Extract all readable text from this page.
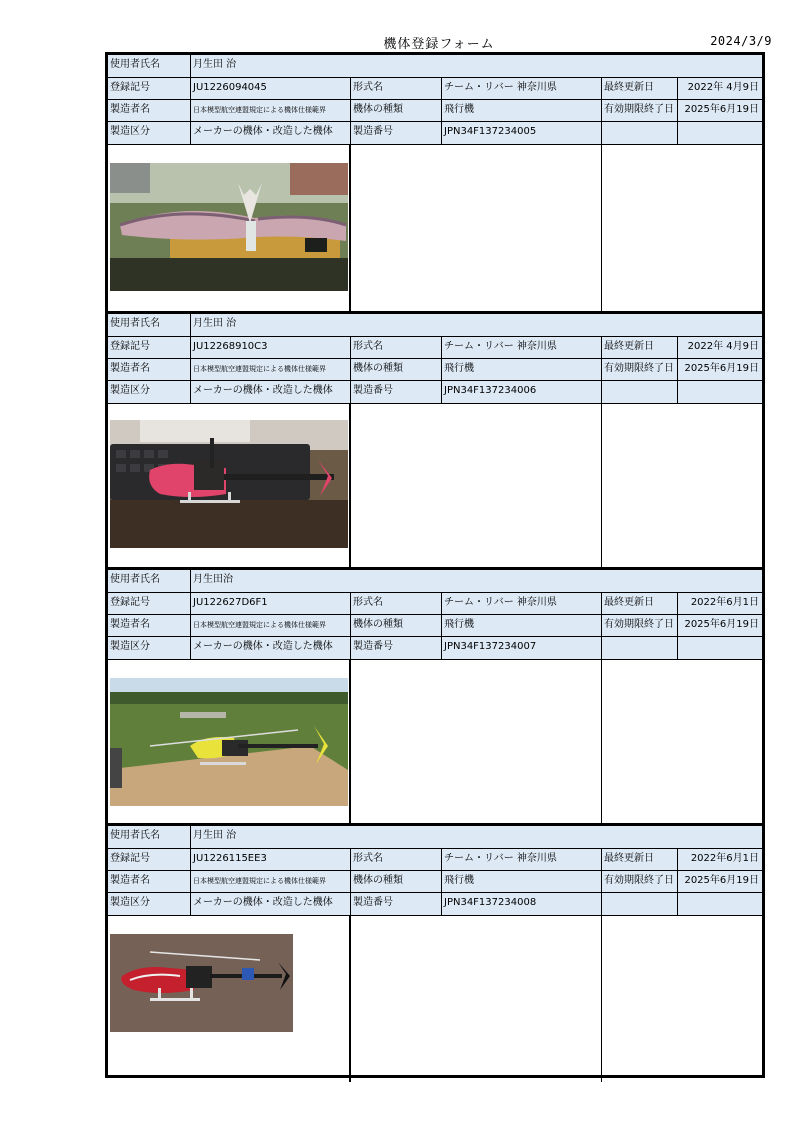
機体登録フォーム	2024/3/9
使用者氏名	月生田 治
登録記号	JU1226094045	形式名	チーム・リバー 神奈川県	最終更新日	2022年 4月9日
製造者名	日本模型航空連盟規定による機体仕様範界	機体の種類	飛行機	有効期限終了日	2025年6月19日
製造区分	メーカーの機体・改造した機体	製造番号	JPN34F137234005
使用者氏名	月生田 治
登録記号	JU12268910C3	形式名	チーム・リバー 神奈川県	最終更新日	2022年 4月9日
製造者名	日本模型航空連盟規定による機体仕様範界	機体の種類	飛行機	有効期限終了日	2025年6月19日
製造区分	メーカーの機体・改造した機体	製造番号	JPN34F137234006
使用者氏名	月生田治
登録記号	JU122627D6F1	形式名	チーム・リバー 神奈川県	最終更新日	2022年6月1日
製造者名	日本模型航空連盟規定による機体仕様範界	機体の種類	飛行機	有効期限終了日	2025年6月19日
製造区分	メーカーの機体・改造した機体	製造番号	JPN34F137234007
使用者氏名	月生田 治
登録記号	JU1226115EE3	形式名	チーム・リバー 神奈川県	最終更新日	2022年6月1日
製造者名	日本模型航空連盟規定による機体仕様範界	機体の種類	飛行機	有効期限終了日	2025年6月19日
製造区分	メーカーの機体・改造した機体	製造番号	JPN34F137234008
